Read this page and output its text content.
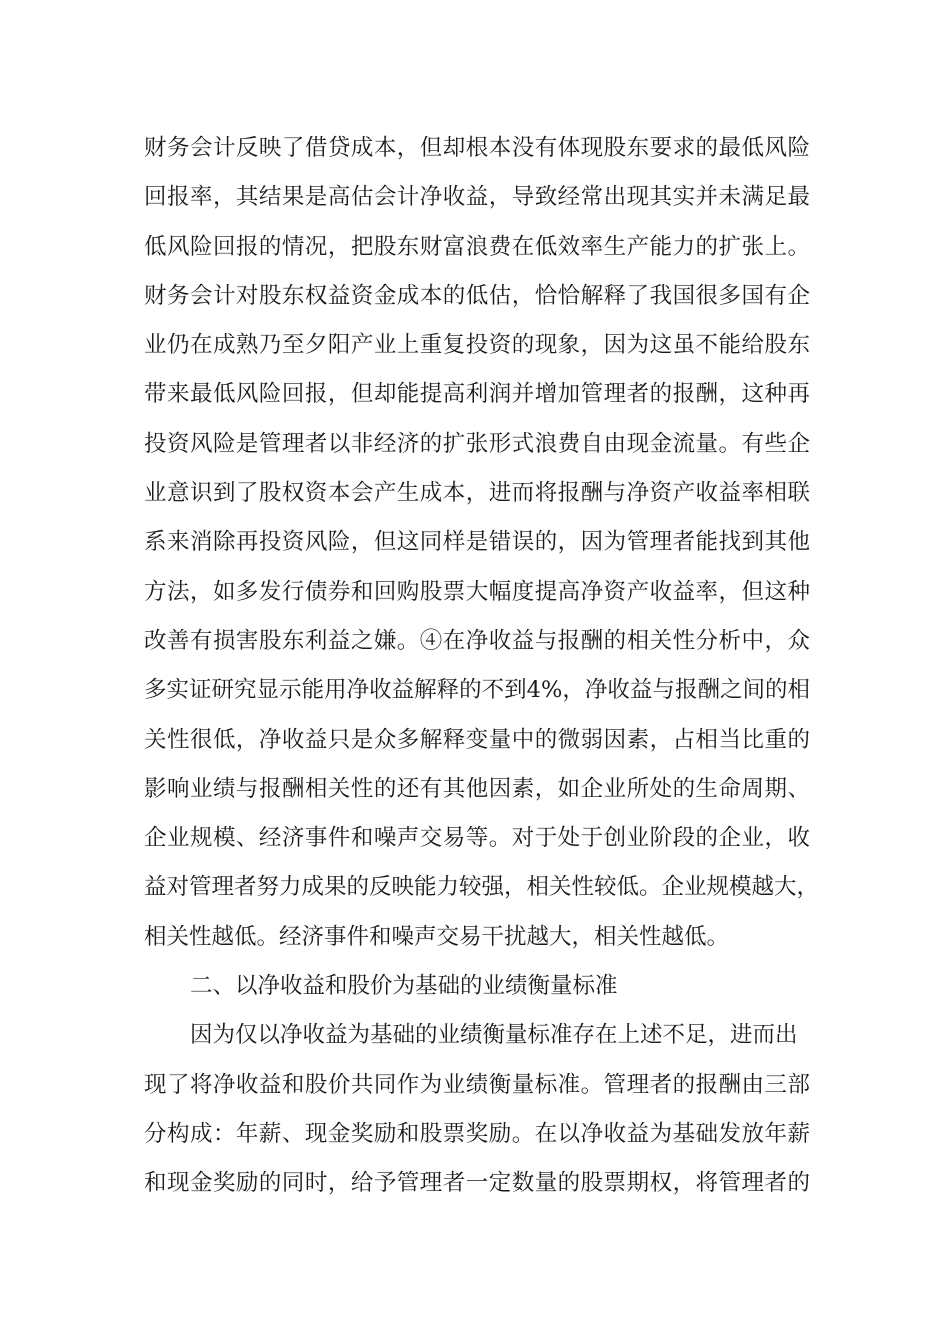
财务会计反映了借贷成本，但却根本没有体现股东要求的最低风险
回报率，其结果是高估会计净收益，导致经常出现其实并未满足最
低风险回报的情况，把股东财富浪费在低效率生产能力的扩张上。
财务会计对股东权益资金成本的低估，恰恰解释了我国很多国有企
业仍在成熟乃至夕阳产业上重复投资的现象，因为这虽不能给股东
带来最低风险回报，但却能提高利润并增加管理者的报酬，这种再
投资风险是管理者以非经济的扩张形式浪费自由现金流量。有些企
业意识到了股权资本会产生成本，进而将报酬与净资产收益率相联
系来消除再投资风险，但这同样是错误的，因为管理者能找到其他
方法，如多发行债券和回购股票大幅度提高净资产收益率，但这种
改善有损害股东利益之嫌。④在净收益与报酬的相关性分析中，众
多实证研究显示能用净收益解释的不到4%，净收益与报酬之间的相
关性很低，净收益只是众多解释变量中的微弱因素，占相当比重的
影响业绩与报酬相关性的还有其他因素，如企业所处的生命周期、
企业规模、经济事件和噪声交易等。对于处于创业阶段的企业，收
益对管理者努力成果的反映能力较强，相关性较低。企业规模越大，
相关性越低。经济事件和噪声交易干扰越大，相关性越低。
二、以净收益和股价为基础的业绩衡量标准
因为仅以净收益为基础的业绩衡量标准存在上述不足，进而出
现了将净收益和股价共同作为业绩衡量标准。管理者的报酬由三部
分构成：年薪、现金奖励和股票奖励。在以净收益为基础发放年薪
和现金奖励的同时，给予管理者一定数量的股票期权，将管理者的
